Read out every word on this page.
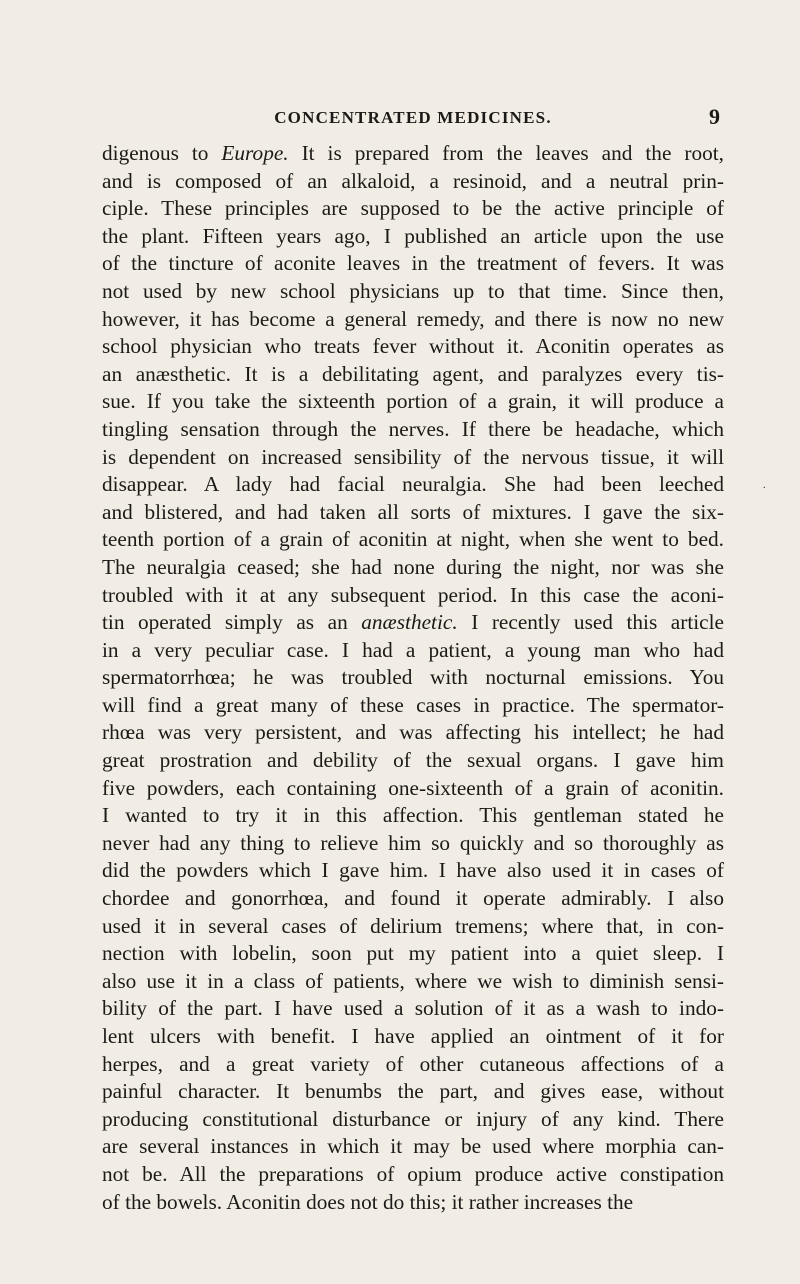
CONCENTRATED MEDICINES.	9
digenous to Europe. It is prepared from the leaves and the root,
and is composed of an alkaloid, a resinoid, and a neutral prin-
ciple. These principles are supposed to be the active principle of
the plant. Fifteen years ago, I published an article upon the use
of the tincture of aconite leaves in the treatment of fevers. It was
not used by new school physicians up to that time. Since then,
however, it has become a general remedy, and there is now no new
school physician who treats fever without it. Aconitin operates as
an anæsthetic. It is a debilitating agent, and paralyzes every tis-
sue. If you take the sixteenth portion of a grain, it will produce a
tingling sensation through the nerves. If there be headache, which
is dependent on increased sensibility of the nervous tissue, it will
disappear. A lady had facial neuralgia. She had been leeched
and blistered, and had taken all sorts of mixtures. I gave the six-
teenth portion of a grain of aconitin at night, when she went to bed.
The neuralgia ceased; she had none during the night, nor was she
troubled with it at any subsequent period. In this case the aconi-
tin operated simply as an anæsthetic. I recently used this article
in a very peculiar case. I had a patient, a young man who had
spermatorrhœa; he was troubled with nocturnal emissions. You
will find a great many of these cases in practice. The spermator-
rhœa was very persistent, and was affecting his intellect; he had
great prostration and debility of the sexual organs. I gave him
five powders, each containing one-sixteenth of a grain of aconitin.
I wanted to try it in this affection. This gentleman stated he
never had any thing to relieve him so quickly and so thoroughly as
did the powders which I gave him. I have also used it in cases of
chordee and gonorrhœa, and found it operate admirably. I also
used it in several cases of delirium tremens; where that, in con-
nection with lobelin, soon put my patient into a quiet sleep. I
also use it in a class of patients, where we wish to diminish sensi-
bility of the part. I have used a solution of it as a wash to indo-
lent ulcers with benefit. I have applied an ointment of it for
herpes, and a great variety of other cutaneous affections of a
painful character. It benumbs the part, and gives ease, without
producing constitutional disturbance or injury of any kind. There
are several instances in which it may be used where morphia can-
not be. All the preparations of opium produce active constipation
of the bowels. Aconitin does not do this; it rather increases the
.
